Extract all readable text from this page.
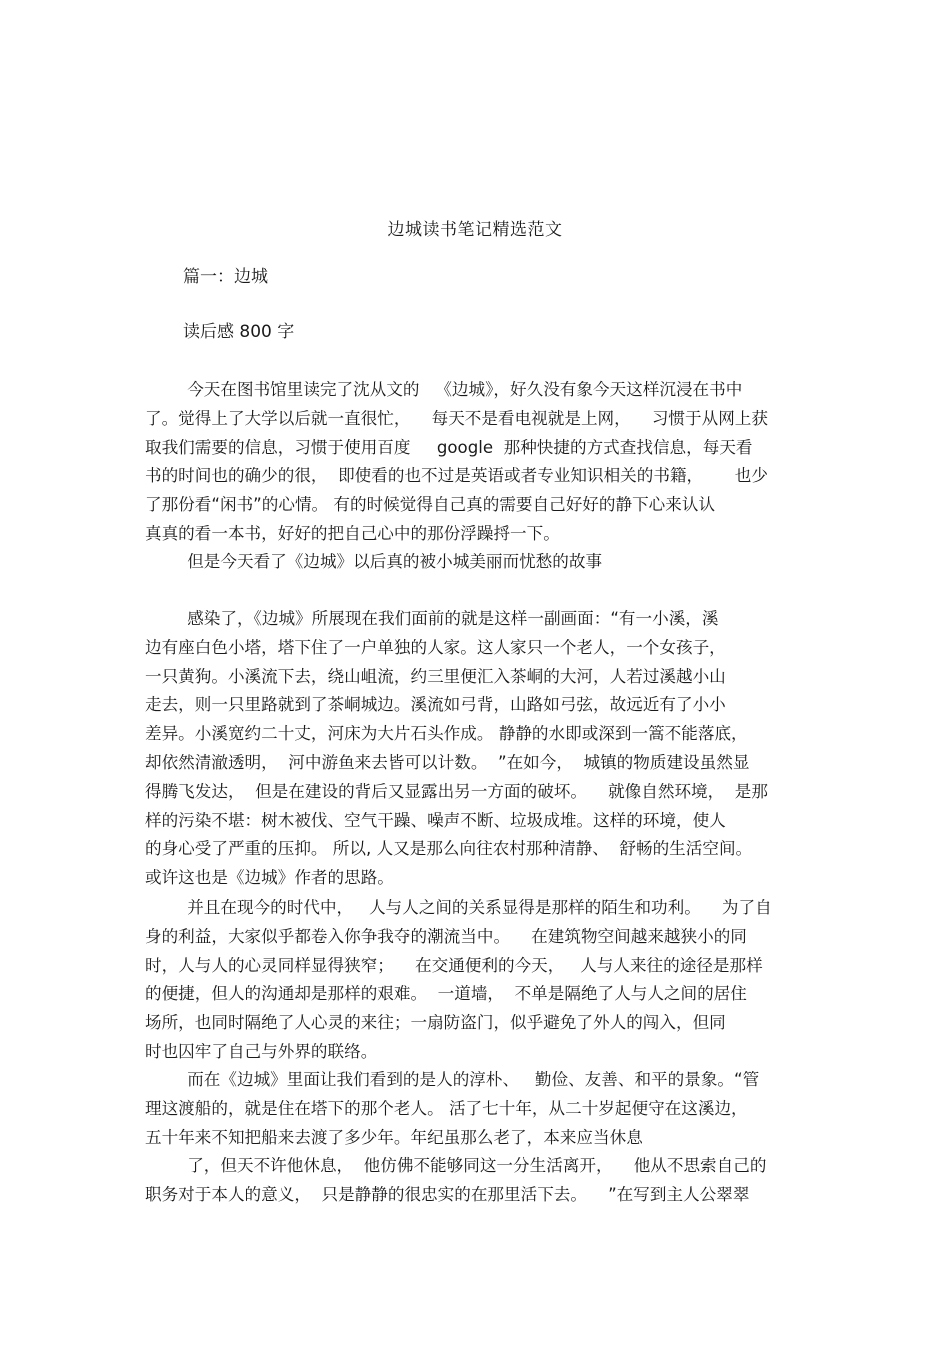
边城读书笔记精选范文
篇一：边城
读后感 800 字
今天在图书馆里读完了沈从文的   《边城》，好久没有象今天这样沉浸在书中
了。觉得上了大学以后就一直很忙，    每天不是看电视就是上网，    习惯于从网上获
取我们需要的信息，习惯于使用百度     google  那种快捷的方式查找信息，每天看
书的时间也的确少的很，  即使看的也不过是英语或者专业知识相关的书籍，      也少
了那份看“闲书”的心情。 有的时候觉得自己真的需要自己好好的静下心来认认
真真的看一本书，好好的把自己心中的那份浮躁捋一下。
但是今天看了《边城》以后真的被小城美丽而忧愁的故事
感染了，《边城》所展现在我们面前的就是这样一副画面：“有一小溪，溪
边有座白色小塔，塔下住了一户单独的人家。这人家只一个老人，一个女孩子，
一只黄狗。小溪流下去，绕山岨流，约三里便汇入茶峒的大河，人若过溪越小山
走去，则一只里路就到了茶峒城边。溪流如弓背，山路如弓弦，故远近有了小小
差异。小溪宽约二十丈，河床为大片石头作成。 静静的水即或深到一篙不能落底，
却依然清澈透明，  河中游鱼来去皆可以计数。  ”在如今，  城镇的物质建设虽然显
得腾飞发达，  但是在建设的背后又显露出另一方面的破坏。    就像自然环境，  是那
样的污染不堪：树木被伐、空气干躁、噪声不断、垃圾成堆。这样的环境，使人
的身心受了严重的压抑。 所以, 人又是那么向往农村那种清静、  舒畅的生活空间。
或许这也是《边城》作者的思路。
并且在现今的时代中，   人与人之间的关系显得是那样的陌生和功利。    为了自
身的利益，大家似乎都卷入你争我夺的潮流当中。    在建筑物空间越来越狭小的同
时，人与人的心灵同样显得狭窄；    在交通便利的今天，   人与人来往的途径是那样
的便捷，但人的沟通却是那样的艰难。  一道墙，  不单是隔绝了人与人之间的居住
场所，也同时隔绝了人心灵的来往；一扇防盗门，似乎避免了外人的闯入，但同
时也囚牢了自己与外界的联络。
而在《边城》里面让我们看到的是人的淳朴、   勤俭、友善、和平的景象。“管
理这渡船的，就是住在塔下的那个老人。 活了七十年，从二十岁起便守在这溪边，
五十年来不知把船来去渡了多少年。年纪虽那么老了，本来应当休息
了，但天不许他休息，  他仿佛不能够同这一分生活离开，    他从不思索自己的
职务对于本人的意义，  只是静静的很忠实的在那里活下去。    ”在写到主人公翠翠
